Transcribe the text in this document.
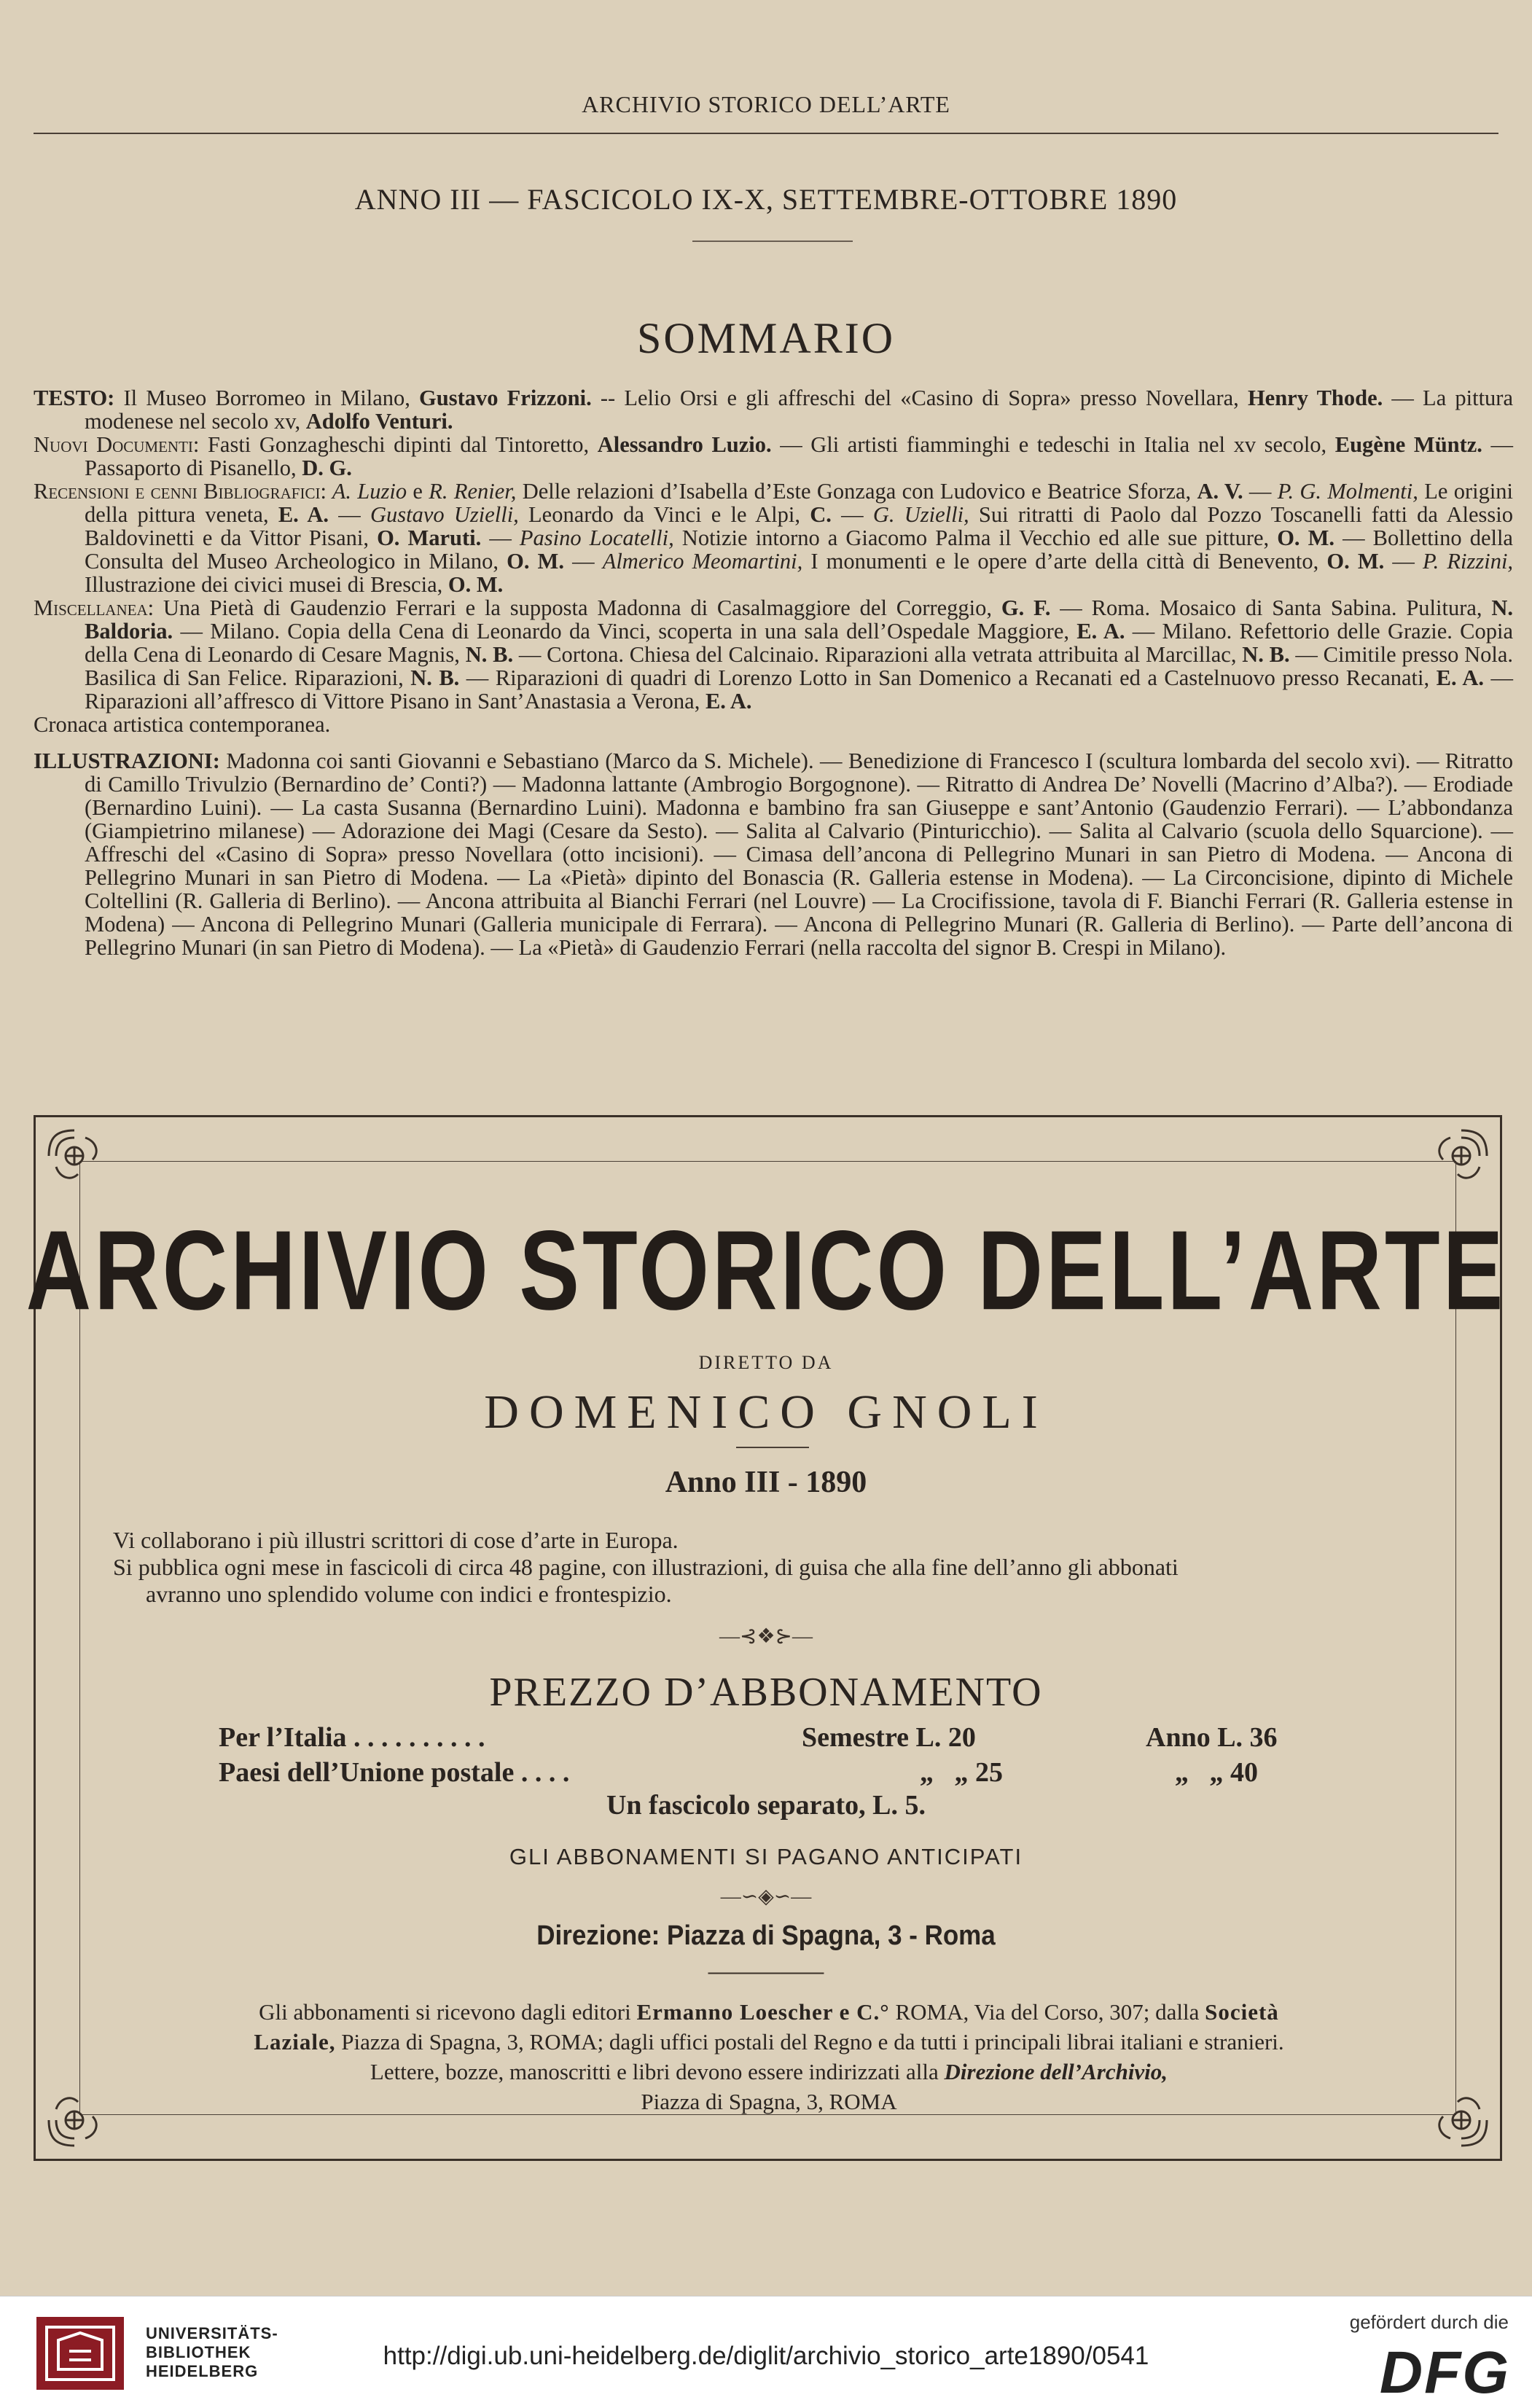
ARCHIVIO STORICO DELL’ARTE
ANNO III — FASCICOLO IX-X, SETTEMBRE-OTTOBRE 1890
SOMMARIO

TESTO: Il Museo Borromeo in Milano, Gustavo Frizzoni. -- Lelio Orsi e gli affreschi del «Casino di Sopra» presso Novellara, Henry Thode. — La pittura modenese nel secolo xv, Adolfo Venturi.

Nuovi Documenti: Fasti Gonzagheschi dipinti dal Tintoretto, Alessandro Luzio. — Gli artisti fiamminghi e tedeschi in Italia nel xv secolo, Eugène Müntz. — Passaporto di Pisanello, D. G.

Recensioni e cenni Bibliografici: A. Luzio e R. Renier, Delle relazioni d’Isabella d’Este Gonzaga con Ludovico e Beatrice Sforza, A. V. — P. G. Molmenti, Le origini della pittura veneta, E. A. — Gustavo Uzielli, Leonardo da Vinci e le Alpi, C. — G. Uzielli, Sui ritratti di Paolo dal Pozzo Toscanelli fatti da Alessio Baldovinetti e da Vittor Pisani, O. Maruti. — Pasino Locatelli, Notizie intorno a Giacomo Palma il Vecchio ed alle sue pitture, O. M. — Bollettino della Consulta del Museo Archeologico in Milano, O. M. — Almerico Meomartini, I monumenti e le opere d’arte della città di Benevento, O. M. — P. Rizzini, Illustrazione dei civici musei di Brescia, O. M.

Miscellanea: Una Pietà di Gaudenzio Ferrari e la supposta Madonna di Casalmaggiore del Correggio, G. F. — Roma. Mosaico di Santa Sabina. Pulitura, N. Baldoria. — Milano. Copia della Cena di Leonardo da Vinci, scoperta in una sala dell’Ospedale Maggiore, E. A. — Milano. Refettorio delle Grazie. Copia della Cena di Leonardo di Cesare Magnis, N. B. — Cortona. Chiesa del Calcinaio. Riparazioni alla vetrata attribuita al Marcillac, N. B. — Cimitile presso Nola. Basilica di San Felice. Riparazioni, N. B. — Riparazioni di quadri di Lorenzo Lotto in San Domenico a Recanati ed a Castelnuovo presso Recanati, E. A. — Riparazioni all’affresco di Vittore Pisano in Sant’Anastasia a Verona, E. A.

Cronaca artistica contemporanea.

ILLUSTRAZIONI: Madonna coi santi Giovanni e Sebastiano (Marco da S. Michele). — Benedizione di Francesco I (scultura lombarda del secolo xvi). — Ritratto di Camillo Trivulzio (Bernardino de’ Conti?) — Madonna lattante (Ambrogio Borgognone). — Ritratto di Andrea De’ Novelli (Macrino d’Alba?). — Erodiade (Bernardino Luini). — La casta Susanna (Bernardino Luini). Madonna e bambino fra san Giuseppe e sant’Antonio (Gaudenzio Ferrari). — L’abbondanza (Giampietrino milanese) — Adorazione dei Magi (Cesare da Sesto). — Salita al Calvario (Pinturicchio). — Salita al Calvario (scuola dello Squarcione). — Affreschi del «Casino di Sopra» presso Novellara (otto incisioni). — Cimasa dell’ancona di Pellegrino Munari in san Pietro di Modena. — Ancona di Pellegrino Munari in san Pietro di Modena. — La «Pietà» dipinto del Bonascia (R. Galleria estense in Modena). — La Circoncisione, dipinto di Michele Coltellini (R. Galleria di Berlino). — Ancona attribuita al Bianchi Ferrari (nel Louvre) — La Crocifissione, tavola di F. Bianchi Ferrari (R. Galleria estense in Modena) — Ancona di Pellegrino Munari (Galleria municipale di Ferrara). — Ancona di Pellegrino Munari (R. Galleria di Berlino). — Parte dell’ancona di Pellegrino Munari (in san Pietro di Modena). — La «Pietà» di Gaudenzio Ferrari (nella raccolta del signor B. Crespi in Milano).

ARCHIVIO STORICO DELL’ARTE
DIRETTO DA
DOMENICO GNOLI
Anno III - 1890

Vi collaborano i più illustri scrittori di cose d’arte in Europa.

Si pubblica ogni mese in fascicoli di circa 48 pagine, con illustrazioni, di guisa che alla fine dell’anno gli abbonati

avranno uno splendido volume con indici e frontespizio.

—⊰❖⊱—
PREZZO D’ABBONAMENTO
Per l’Italia . . . . . . . . . .	Semestre L. 20	Anno L. 36
Paesi dell’Unione postale . . . .	„   „ 25	„   „ 40
Un fascicolo separato, L. 5.
GLI ABBONAMENTI SI PAGANO ANTICIPATI
—∽◈∽—
Direzione: Piazza di Spagna, 3 - Roma
────────

Gli abbonamenti si ricevono dagli editori Ermanno Loescher e C.° ROMA, Via del Corso, 307; dalla Società

Laziale, Piazza di Spagna, 3, ROMA; dagli uffici postali del Regno e da tutti i principali librai italiani e stranieri.

Lettere, bozze, manoscritti e libri devono essere indirizzati alla Direzione dell’Archivio,

Piazza di Spagna, 3, ROMA

UNIVERSITÄTS-
BIBLIOTHEK
HEIDELBERG
http://digi.ub.uni-heidelberg.de/diglit/archivio_storico_arte1890/0541
gefördert durch die
DFG
